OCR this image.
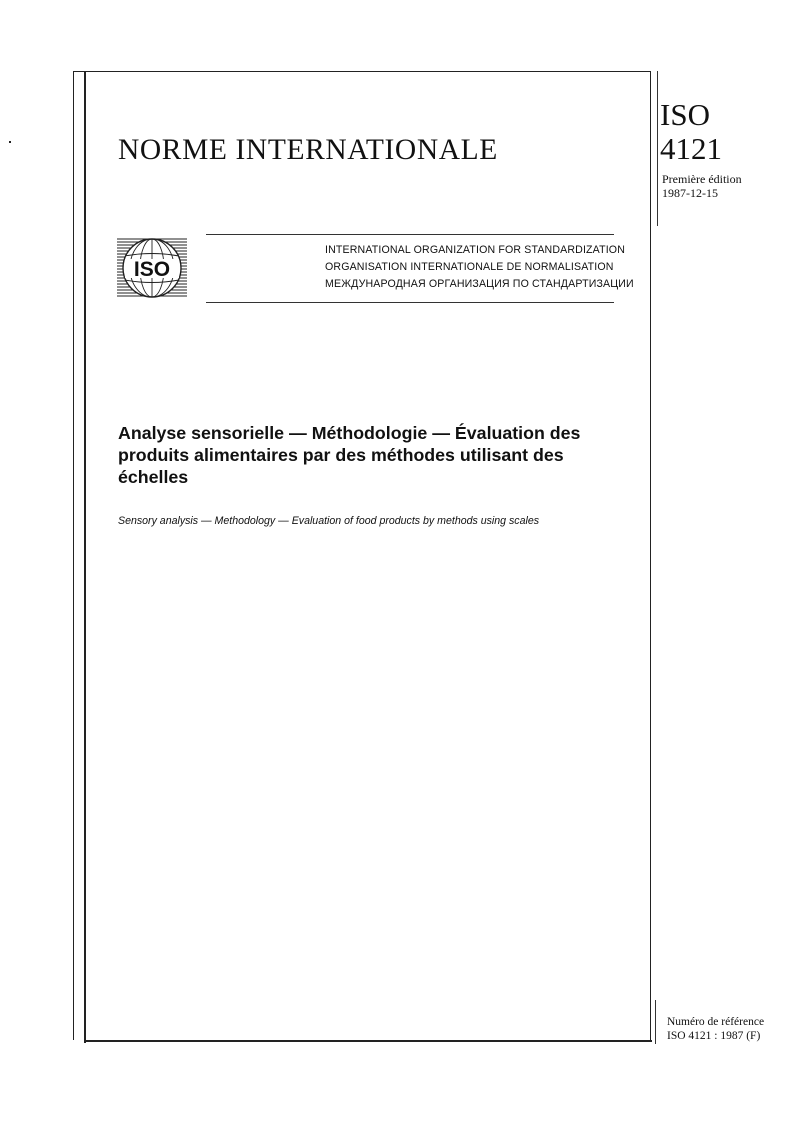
NORME INTERNATIONALE
ISO
4121
Première édition
1987-12-15
ISO
INTERNATIONAL ORGANIZATION FOR STANDARDIZATION
ORGANISATION INTERNATIONALE DE NORMALISATION
МЕЖДУНАРОДНАЯ ОРГАНИЗАЦИЯ ПО СТАНДАРТИЗАЦИИ
Analyse sensorielle — Méthodologie — Évaluation des
produits alimentaires par des méthodes utilisant des
échelles
Sensory analysis — Methodology — Evaluation of food products by methods using scales
Numéro de référence
ISO 4121 : 1987 (F)
